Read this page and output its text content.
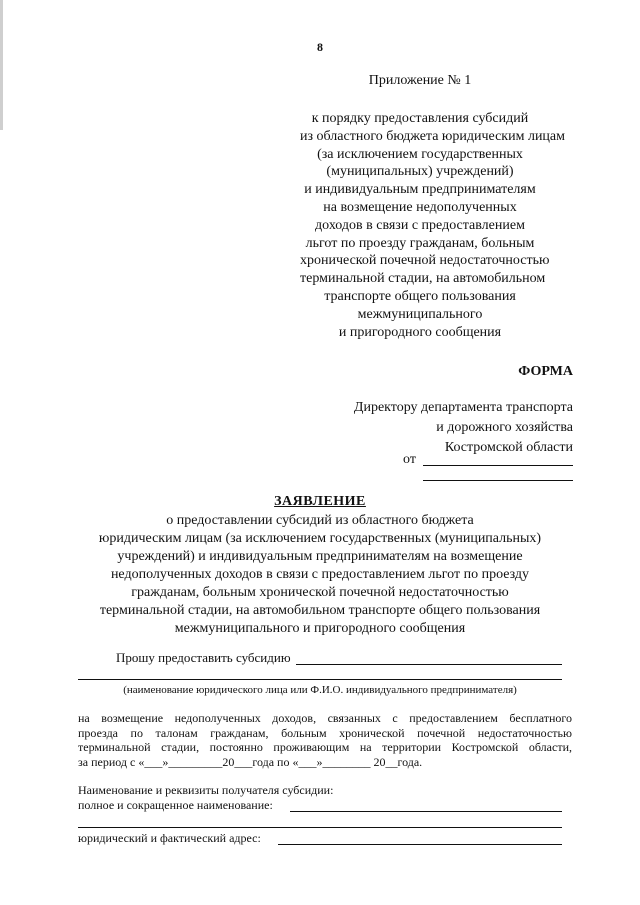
8
Приложение № 1
к порядку предоставления субсидий
из областного бюджета юридическим лицам
(за исключением государственных
(муниципальных) учреждений)
и индивидуальным предпринимателям
на возмещение недополученных
доходов в связи с предоставлением
льгот по проезду гражданам, больным
хронической почечной недостаточностью
терминальной стадии, на автомобильном
транспорте общего пользования
межмуниципального
и пригородного сообщения
ФОРМА
Директору департамента транспорта
и дорожного хозяйства
Костромской области
от
ЗАЯВЛЕНИЕ
о предоставлении субсидий из областного бюджета
юридическим лицам (за исключением государственных (муниципальных)
учреждений) и индивидуальным предпринимателям на возмещение
недополученных доходов в связи с предоставлением льгот по проезду
гражданам, больным хронической почечной недостаточностью
терминальной стадии, на автомобильном транспорте общего пользования
межмуниципального и пригородного сообщения
Прошу предоставить субсидию
(наименование юридического лица или Ф.И.О. индивидуального предпринимателя)
на возмещение недополученных доходов, связанных с предоставлением бесплатного
проезда по талонам гражданам, больным хронической почечной недостаточностью
терминальной стадии, постоянно проживающим на территории Костромской области,
за период с «___»_________20___года по «___»________ 20__года.
Наименование и реквизиты получателя субсидии:
полное и сокращенное наименование:
юридический и фактический адрес:
